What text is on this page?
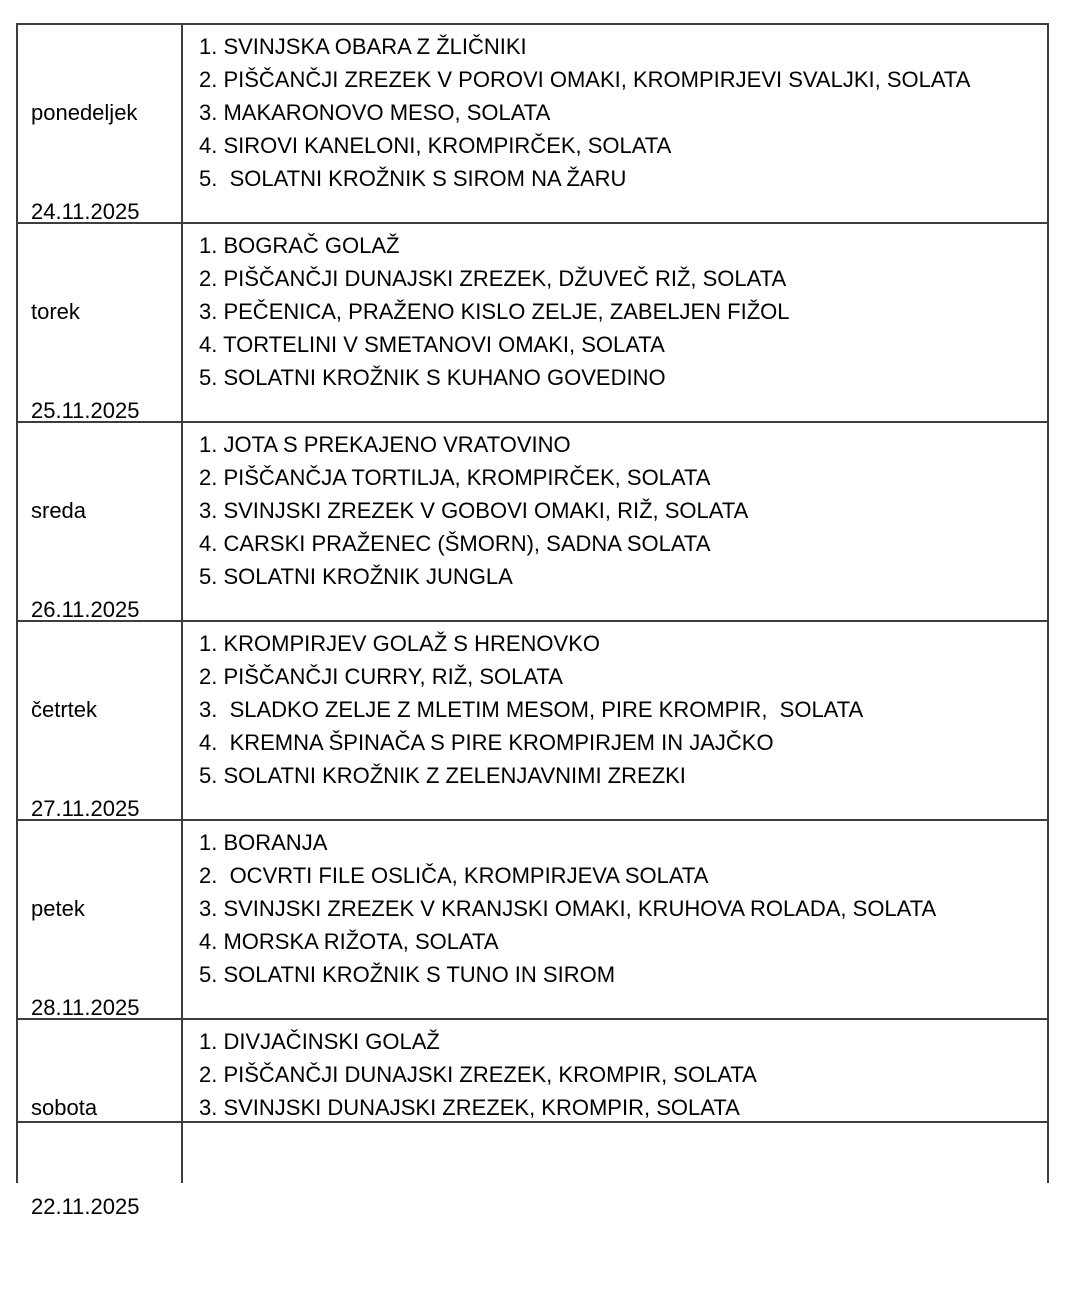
ponedeljek

24.11.2025

1. SVINJSKA OBARA Z ŽLIČNIKI
2. PIŠČANČJI ZREZEK V POROVI OMAKI, KROMPIRJEVI SVALJKI, SOLATA
3. MAKARONOVO MESO, SOLATA
4. SIROVI KANELONI, KROMPIRČEK, SOLATA
5.  SOLATNI KROŽNIK S SIROM NA ŽARU

torek

25.11.2025

1. BOGRAČ GOLAŽ
2. PIŠČANČJI DUNAJSKI ZREZEK, DŽUVEČ RIŽ, SOLATA
3. PEČENICA, PRAŽENO KISLO ZELJE, ZABELJEN FIŽOL
4. TORTELINI V SMETANOVI OMAKI, SOLATA
5. SOLATNI KROŽNIK S KUHANO GOVEDINO

sreda

26.11.2025

1. JOTA S PREKAJENO VRATOVINO
2. PIŠČANČJA TORTILJA, KROMPIRČEK, SOLATA
3. SVINJSKI ZREZEK V GOBOVI OMAKI, RIŽ, SOLATA
4. CARSKI PRAŽENEC (ŠMORN), SADNA SOLATA
5. SOLATNI KROŽNIK JUNGLA

četrtek

27.11.2025

1. KROMPIRJEV GOLAŽ S HRENOVKO
2. PIŠČANČJI CURRY, RIŽ, SOLATA
3.  SLADKO ZELJE Z MLETIM MESOM, PIRE KROMPIR,  SOLATA
4.  KREMNA ŠPINAČA S PIRE KROMPIRJEM IN JAJČKO
5. SOLATNI KROŽNIK Z ZELENJAVNIMI ZREZKI

petek

28.11.2025

1. BORANJA
2.  OCVRTI FILE OSLIČA, KROMPIRJEVA SOLATA
3. SVINJSKI ZREZEK V KRANJSKI OMAKI, KRUHOVA ROLADA, SOLATA
4. MORSKA RIŽOTA, SOLATA
5. SOLATNI KROŽNIK S TUNO IN SIROM

sobota

22.11.2025

1. DIVJAČINSKI GOLAŽ
2. PIŠČANČJI DUNAJSKI ZREZEK, KROMPIR, SOLATA
3. SVINJSKI DUNAJSKI ZREZEK, KROMPIR, SOLATA
